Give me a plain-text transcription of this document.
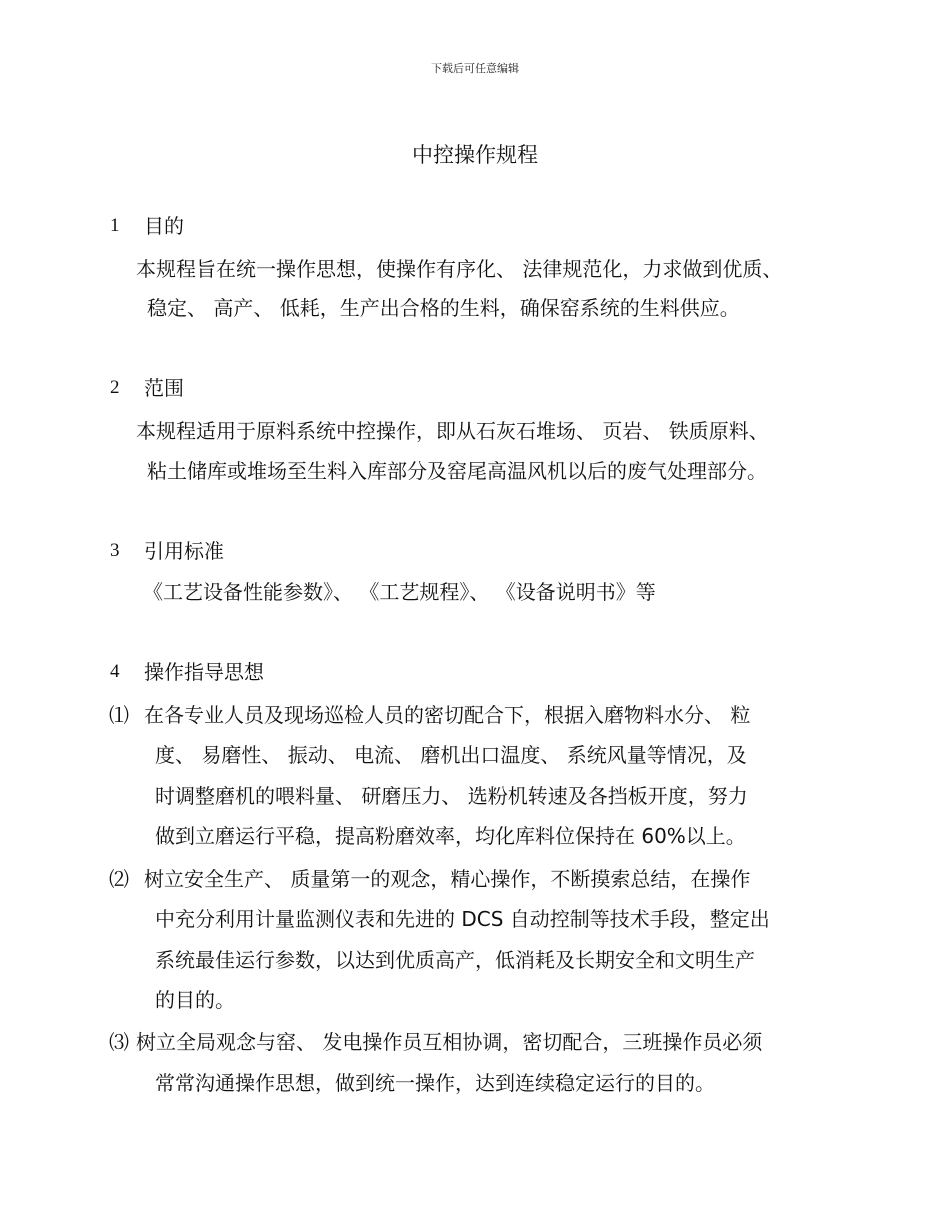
下载后可任意编辑
中控操作规程
1 目的
本规程旨在统一操作思想，使操作有序化、 法律规范化，力求做到优质、
稳定、 高产、 低耗，生产出合格的生料，确保窑系统的生料供应。
2 范围
本规程适用于原料系统中控操作，即从石灰石堆场、 页岩、 铁质原料、
粘土储库或堆场至生料入库部分及窑尾高温风机以后的废气处理部分。
3 引用标准
《工艺设备性能参数》、 《工艺规程》、 《设备说明书》等
4 操作指导思想
⑴ 在各专业人员及现场巡检人员的密切配合下，根据入磨物料水分、 粒
度、 易磨性、 振动、 电流、 磨机出口温度、 系统风量等情况，及
时调整磨机的喂料量、 研磨压力、 选粉机转速及各挡板开度，努力
做到立磨运行平稳，提高粉磨效率，均化库料位保持在 60%以上。
⑵ 树立安全生产、 质量第一的观念，精心操作，不断摸索总结，在操作
中充分利用计量监测仪表和先进的 DCS 自动控制等技术手段，整定出
系统最佳运行参数，以达到优质高产，低消耗及长期安全和文明生产
的目的。
⑶ 树立全局观念与窑、 发电操作员互相协调，密切配合，三班操作员必须
常常沟通操作思想，做到统一操作，达到连续稳定运行的目的。
